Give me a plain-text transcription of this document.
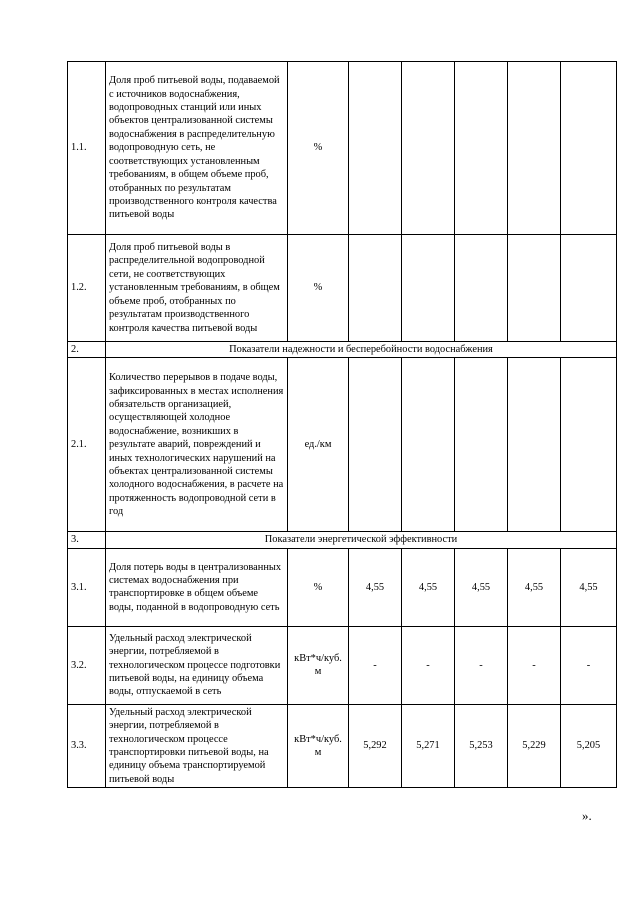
1.1.	Доля проб питьевой воды, подаваемой с источников водоснабжения, водопроводных станций или иных объектов централизованной системы водоснабжения в распределительную водопроводную сеть, не соответствующих установленным требованиям, в общем объеме проб, отобранных по результатам производственного контроля качества питьевой воды	%					
1.2.	Доля проб питьевой воды в распределительной водопроводной сети, не соответствующих установленным требованиям, в общем объеме проб, отобранных по результатам производственного контроля качества питьевой воды	%					
2.	Показатели надежности и бесперебойности водоснабжения						
2.1.	Количество перерывов в подаче воды, зафиксированных в местах исполнения обязательств организацией, осуществляющей холодное водоснабжение, возникших в результате аварий, повреждений и иных технологических нарушений на объектах централизованной системы холодного водоснабжения, в расчете на протяженность водопроводной сети в год	ед./км					
3.	Показатели энергетической эффективности						
3.1.	Доля потерь воды в централизованных системах водоснабжения при транспортировке в общем объеме воды, поданной в водопроводную сеть	%	4,55	4,55	4,55	4,55	4,55
3.2.	Удельный расход электрической энергии, потребляемой в технологическом процессе подготовки питьевой воды, на единицу объема воды, отпускаемой в сеть	кВт*ч/куб. м	-	-	-	-	-
3.3.	Удельный расход электрической энергии, потребляемой в технологическом процессе транспортировки питьевой воды, на единицу объема транспортируемой питьевой воды	кВт*ч/куб. м	5,292	5,271	5,253	5,229	5,205
».
